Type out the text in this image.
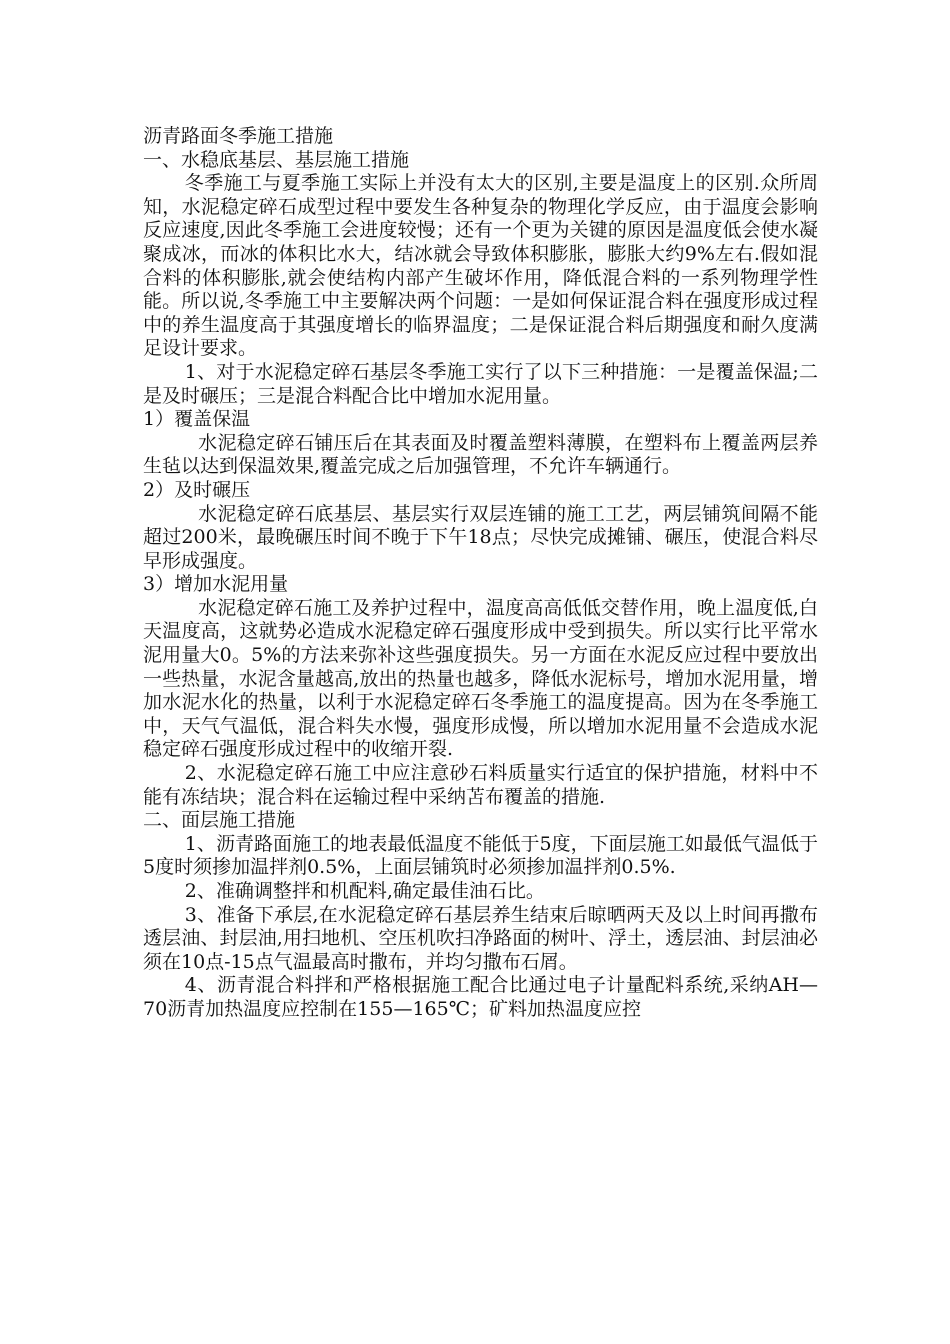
沥青路面冬季施工措施

一、水稳底基层、基层施工措施

冬季施工与夏季施工实际上并没有太大的区别,主要是温度上的区别.众所周知，水泥稳定碎石成型过程中要发生各种复杂的物理化学反应，由于温度会影响反应速度,因此冬季施工会进度较慢；还有一个更为关键的原因是温度低会使水凝聚成冰，而冰的体积比水大，结冰就会导致体积膨胀，膨胀大约9%左右.假如混合料的体积膨胀,就会使结构内部产生破坏作用，降低混合料的一系列物理学性能。所以说,冬季施工中主要解决两个问题：一是如何保证混合料在强度形成过程中的养生温度高于其强度增长的临界温度；二是保证混合料后期强度和耐久度满足设计要求。

1、对于水泥稳定碎石基层冬季施工实行了以下三种措施：一是覆盖保温;二是及时碾压；三是混合料配合比中增加水泥用量。

1）覆盖保温

水泥稳定碎石铺压后在其表面及时覆盖塑料薄膜，在塑料布上覆盖两层养生毡以达到保温效果,覆盖完成之后加强管理，不允许车辆通行。

2）及时碾压

水泥稳定碎石底基层、基层实行双层连铺的施工工艺，两层铺筑间隔不能超过200米，最晚碾压时间不晚于下午18点；尽快完成摊铺、碾压，使混合料尽早形成强度。

3）增加水泥用量

水泥稳定碎石施工及养护过程中，温度高高低低交替作用，晚上温度低,白天温度高，这就势必造成水泥稳定碎石强度形成中受到损失。所以实行比平常水泥用量大0。5%的方法来弥补这些强度损失。另一方面在水泥反应过程中要放出一些热量，水泥含量越高,放出的热量也越多，降低水泥标号，增加水泥用量，增加水泥水化的热量，以利于水泥稳定碎石冬季施工的温度提高。因为在冬季施工中，天气气温低，混合料失水慢，强度形成慢，所以增加水泥用量不会造成水泥稳定碎石强度形成过程中的收缩开裂.

2、水泥稳定碎石施工中应注意砂石料质量实行适宜的保护措施，材料中不能有冻结块；混合料在运输过程中采纳苫布覆盖的措施.

二、面层施工措施

1、沥青路面施工的地表最低温度不能低于5度，下面层施工如最低气温低于5度时须掺加温拌剂0.5%，上面层铺筑时必须掺加温拌剂0.5%.

2、准确调整拌和机配料,确定最佳油石比。

3、准备下承层,在水泥稳定碎石基层养生结束后晾晒两天及以上时间再撒布透层油、封层油,用扫地机、空压机吹扫净路面的树叶、浮土，透层油、封层油必须在10点-15点气温最高时撒布，并均匀撒布石屑。

4、沥青混合料拌和严格根据施工配合比通过电子计量配料系统,采纳AH—70沥青加热温度应控制在155—165℃；矿料加热温度应控
